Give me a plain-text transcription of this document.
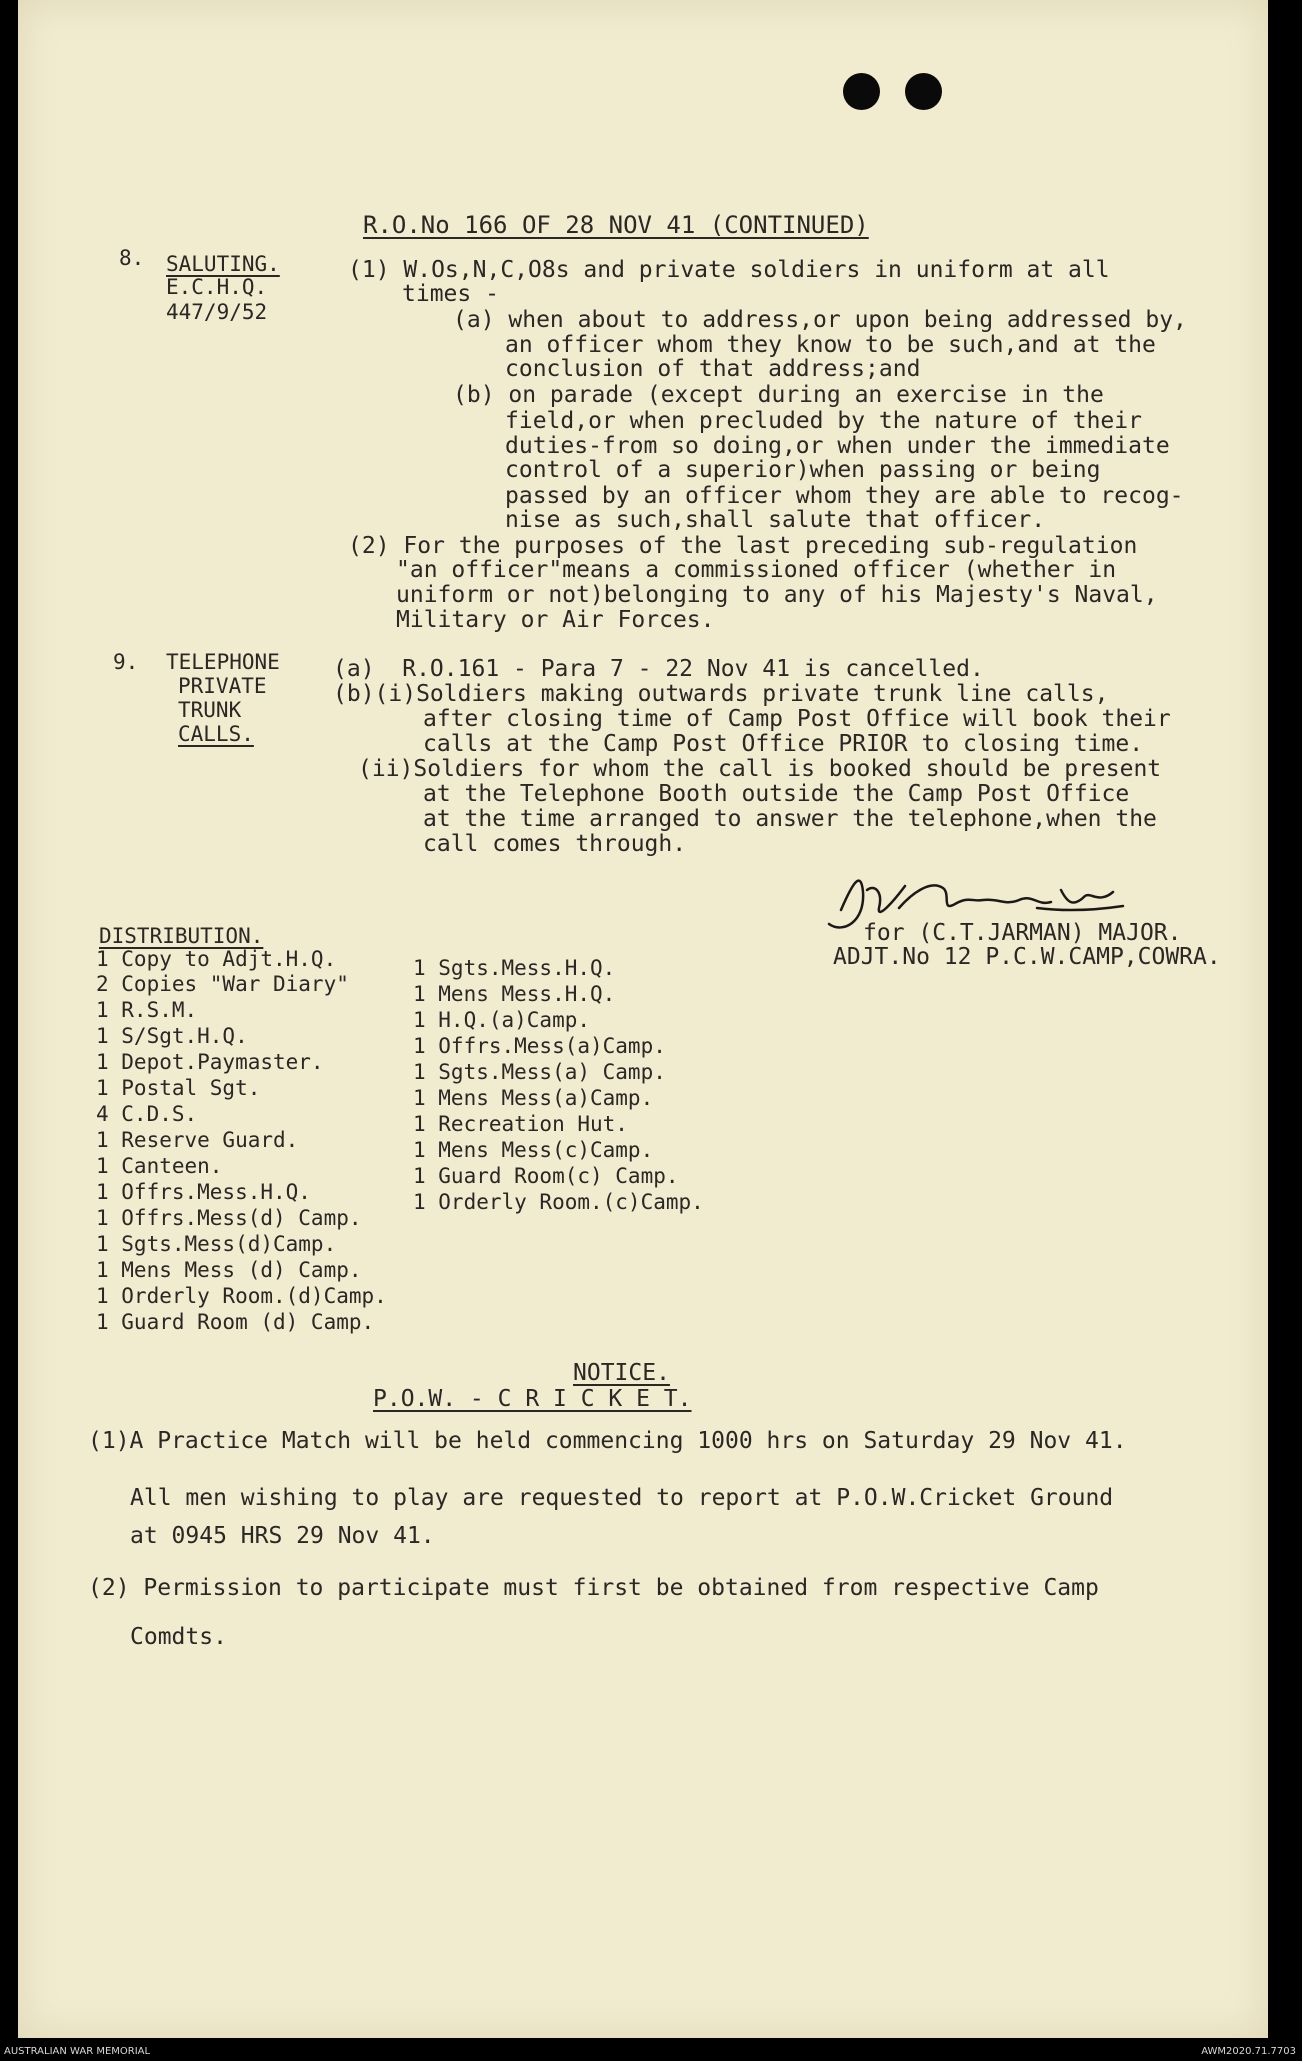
R.O.No 166 OF 28 NOV 41 (CONTINUED)
8. SALUTING.
E.C.H.Q.
447/9/52
(1) W.Os,N,C,O8s and private soldiers in uniform at all
times -
(a) when about to address,or upon being addressed by,
an officer whom they know to be such,and at the
conclusion of that address;and
(b) on parade (except during an exercise in the
field,or when precluded by the nature of their
duties-from so doing,or when under the immediate
control of a superior)when passing or being
passed by an officer whom they are able to recog-
nise as such,shall salute that officer.
(2) For the purposes of the last preceding sub-regulation
"an officer"means a commissioned officer (whether in
uniform or not)belonging to any of his Majesty's Naval,
Military or Air Forces.
9. TELEPHONE
PRIVATE
TRUNK
CALLS.
(a)  R.O.161 - Para 7 - 22 Nov 41 is cancelled.
(b)(i)Soldiers making outwards private trunk line calls,
after closing time of Camp Post Office will book their
calls at the Camp Post Office PRIOR to closing time.
(ii)Soldiers for whom the call is booked should be present
at the Telephone Booth outside the Camp Post Office
at the time arranged to answer the telephone,when the
call comes through.
for (C.T.JARMAN) MAJOR.
ADJT.No 12 P.C.W.CAMP,COWRA.
DISTRIBUTION.
1 Copy to Adjt.H.Q.
2 Copies "War Diary"
1 R.S.M.
1 S/Sgt.H.Q.
1 Depot.Paymaster.
1 Postal Sgt.
4 C.D.S.
1 Reserve Guard.
1 Canteen.
1 Offrs.Mess.H.Q.
1 Offrs.Mess(d) Camp.
1 Sgts.Mess(d)Camp.
1 Mens Mess (d) Camp.
1 Orderly Room.(d)Camp.
1 Guard Room (d) Camp.
1 Sgts.Mess.H.Q.
1 Mens Mess.H.Q.
1 H.Q.(a)Camp.
1 Offrs.Mess(a)Camp.
1 Sgts.Mess(a) Camp.
1 Mens Mess(a)Camp.
1 Recreation Hut.
1 Mens Mess(c)Camp.
1 Guard Room(c) Camp.
1 Orderly Room.(c)Camp.
NOTICE.
P.O.W. - C R I C K E T.
(1)A Practice Match will be held commencing 1000 hrs on Saturday 29 Nov 41.
All men wishing to play are requested to report at P.O.W.Cricket Ground
at 0945 HRS 29 Nov 41.
(2) Permission to participate must first be obtained from respective Camp
Comdts.
AUSTRALIAN WAR MEMORIAL	AWM2020.71.7703
